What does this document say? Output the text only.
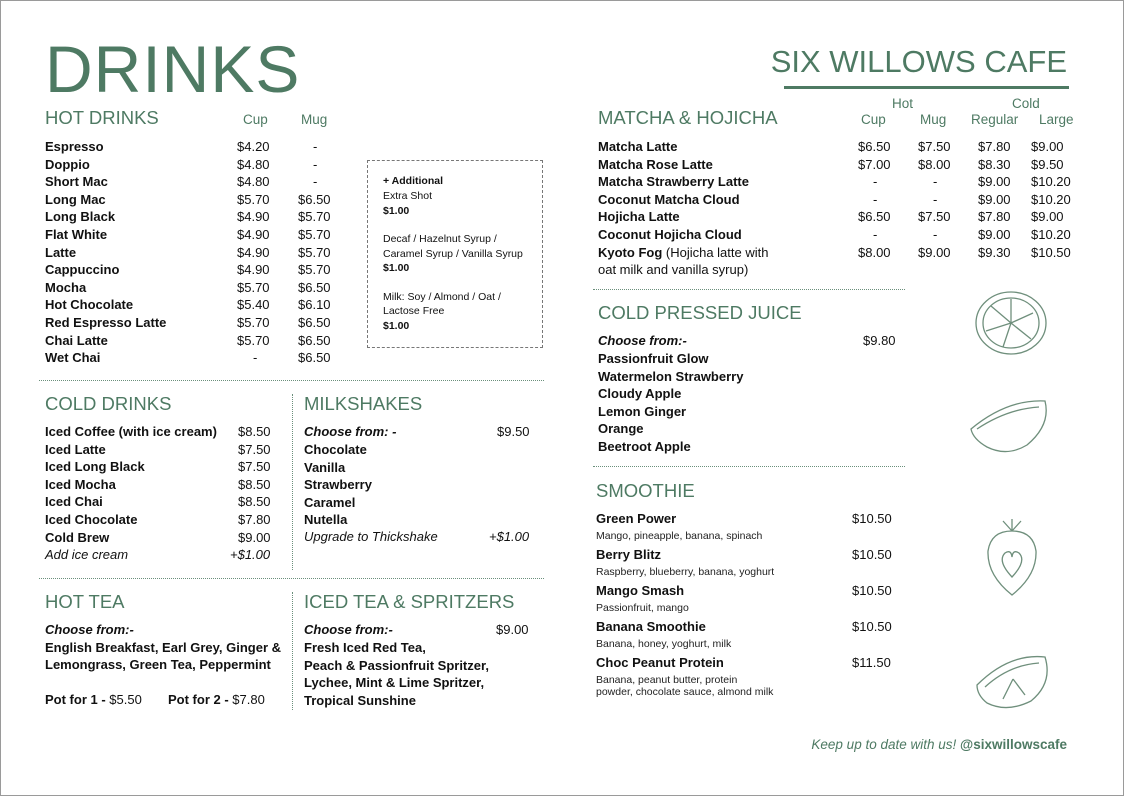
DRINKS	SIX WILLOWS CAFE
HOT DRINKS	Cup Mug
Espresso	$4.20	-
Doppio	$4.80	-
Short Mac	$4.80	-
Long Mac	$5.70 $6.50
Long Black	$4.90 $5.70
Flat White	$4.90 $5.70
Latte	$4.90 $5.70
Cappuccino	$4.90 $5.70
Mocha	$5.70 $6.50
Hot Chocolate	$5.40 $6.10
Red Espresso Latte	$5.70 $6.50
Chai Latte	$5.70 $6.50
Wet Chai	-	$6.50
+ Additional
Extra Shot
$1.00
Decaf / Hazelnut Syrup /
Caramel Syrup / Vanilla Syrup
$1.00
Milk: Soy / Almond / Oat /
Lactose Free
$1.00
COLD DRINKS
Iced Coffee (with ice cream) $8.50
Iced Latte	$7.50
Iced Long Black	$7.50
Iced Mocha	$8.50
Iced Chai	$8.50
Iced Chocolate	$7.80
Cold Brew	$9.00
Add ice cream	+$1.00
MILKSHAKES
Choose from: -	$9.50
Chocolate
Vanilla
Strawberry
Caramel
Nutella
Upgrade to Thickshake	+$1.00
HOT TEA
Choose from:-
English Breakfast, Earl Grey, Ginger &
Lemongrass, Green Tea, Peppermint
Pot for 1 - $5.50 Pot for 2 - $7.80
ICED TEA & SPRITZERS
Choose from:-	$9.00
Fresh Iced Red Tea,
Peach & Passionfruit Spritzer,
Lychee, Mint & Lime Spritzer,
Tropical Sunshine
MATCHA & HOJICHA
Hot	Cold
Cup	Mug Regular Large
Matcha Latte	$6.50 $7.50 $7.80 $9.00
Matcha Rose Latte	$7.00 $8.00 $8.30 $9.50
Matcha Strawberry Latte	-	-	$9.00 $10.20
Coconut Matcha Cloud	-	-	$9.00 $10.20
Hojicha Latte	$6.50 $7.50 $7.80 $9.00
Coconut Hojicha Cloud	-	-	$9.00 $10.20
Kyoto Fog (Hojicha latte with	$8.00 $9.00 $9.30 $10.50
oat milk and vanilla syrup)
COLD PRESSED JUICE
Choose from:-	$9.80
Passionfruit Glow
Watermelon Strawberry
Cloudy Apple
Lemon Ginger
Orange
Beetroot Apple
SMOOTHIE
Green Power	$10.50
Mango, pineapple, banana, spinach
Berry Blitz	$10.50
Raspberry, blueberry, banana, yoghurt
Mango Smash	$10.50
Passionfruit, mango
Banana Smoothie	$10.50
Banana, honey, yoghurt, milk
Choc Peanut Protein	$11.50
Banana, peanut butter, protein
powder, chocolate sauce, almond milk
Keep up to date with us! @sixwillowscafe
